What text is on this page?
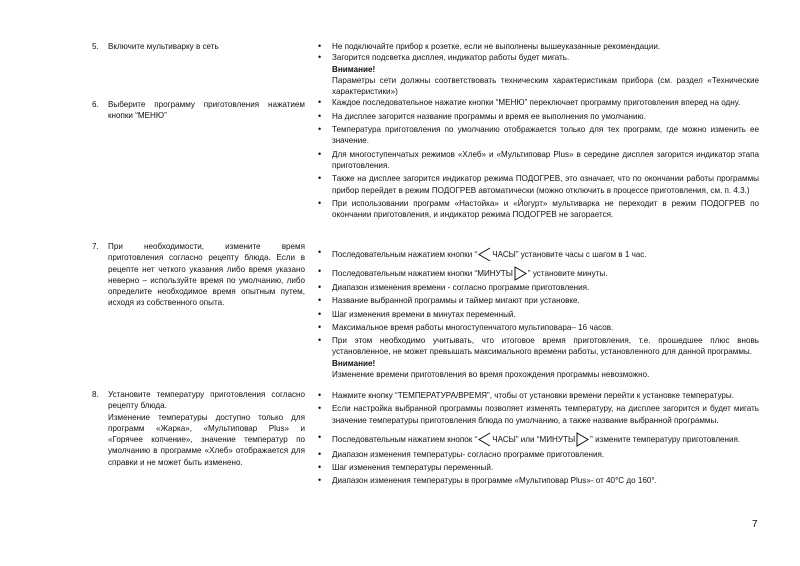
5. Включите мультиварку в сеть

6. Выберите программу приготовления нажатием кнопки “МЕНЮ”

7. При необходимости, измените время приготовления согласно рецепту блюда. Если в рецепте нет четкого указания либо время указано неверно – используйте время по умолчанию, либо определите необходимое время опытным путем, исходя из собственного опыта.

8. Установите температуру приготовления согласно рецепту блюда.

Изменение температуры доступно только для программ «Жарка», «Мультиповар Plus» и «Горячее копчение», значение температур по умолчанию в программе «Хлеб» отображается для справки и не может быть изменено.

• Не подключайте прибор к розетке, если не выполнены вышеуказанные рекомендации.
• Загорится подсветка дисплея, индикатор работы будет мигать.
Внимание!
Параметры сети должны соответствовать техническим характеристикам прибора (см. раздел «Технические характеристики»)
• Каждое последовательное нажатие кнопки “МЕНЮ” переключает программу приготовления вперед на одну.
• На дисплее загорится название программы и время ее выполнения по умолчанию.
• Температура приготовления по умолчанию отображается только для тех программ, где можно изменить ее значение.
• Для многоступенчатых режимов «Хлеб» и «Мультиповар Plus» в середине дисплея загорится индикатор этапа приготовления.
• Также на дисплее загорится индикатор режима ПОДОГРЕВ, это означает, что по окончании работы программы прибор перейдет в режим ПОДОГРЕВ автоматически (можно отключить в процессе приготовления, см. п. 4.3.)
• При использовании программ «Настойка» и «Йогурт» мультиварка не переходит в режим ПОДОГРЕВ по окончании приготовления, и индикатор режима ПОДОГРЕВ не загорается.
• Последовательным нажатием кнопки “ ЧАСЫ” установите часы с шагом в 1 час.
• Последовательным нажатием кнопки “МИНУТЫ ” установите минуты.
• Диапазон изменения времени - согласно программе приготовления.
• Название выбранной программы и таймер мигают при установке.
• Шаг изменения времени в минутах переменный.
• Максимальное время работы многоступенчатого мультиповара– 16 часов.
• При этом необходимо учитывать, что итоговое время приготовления, т.е. прошедшее плюс вновь установленное, не может превышать максимального времени работы, установленного для данной программы.
Внимание!
Изменение времени приготовления во время прохождения программы невозможно.
• Нажмите кнопку “ТЕМПЕРАТУРА/ВРЕМЯ”, чтобы от установки времени перейти к установке температуры.
• Если настройка выбранной программы позволяет изменять температуру, на дисплее загорится и будет мигать значение температуры приготовления блюда по умолчанию, а также название выбранной программы.
• Последовательным нажатием кнопок “ ЧАСЫ” или “МИНУТЫ ” измените температуру приготовления.
• Диапазон изменения температуры- согласно программе приготовления.
• Шаг изменения температуры переменный.
• Диапазон изменения температуры в программе «Мультиповар Plus»- от 40°С до 160°.
7
